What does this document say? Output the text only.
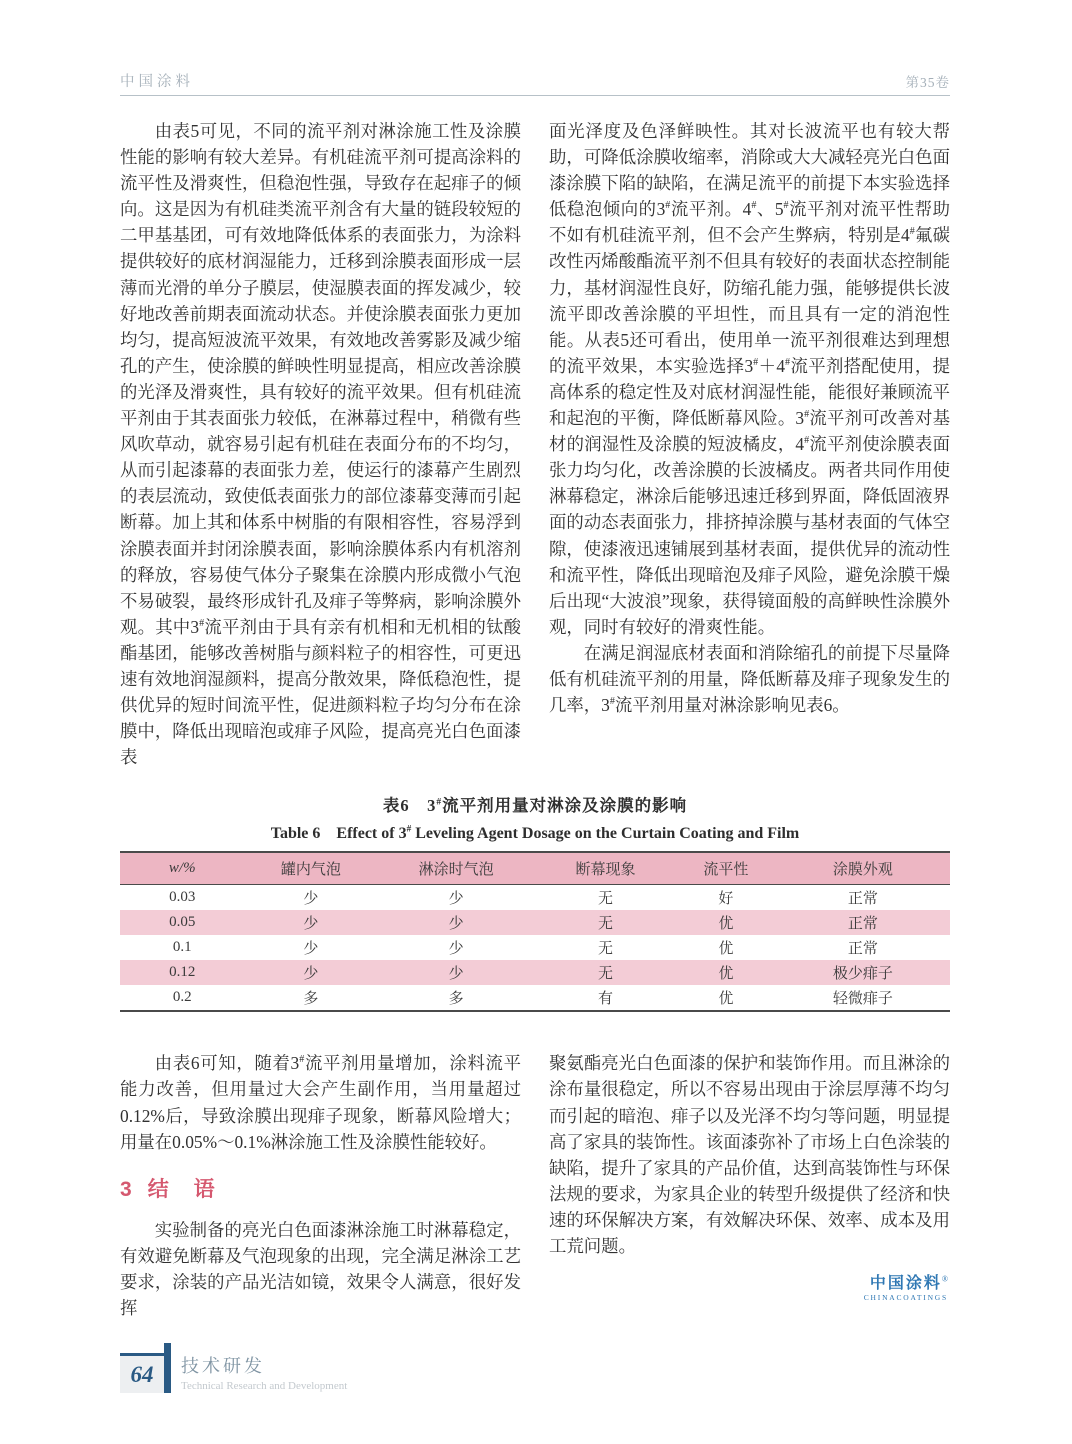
中国涂料	第35卷

由表5可见，不同的流平剂对淋涂施工性及涂膜性能的影响有较大差异。有机硅流平剂可提高涂料的流平性及滑爽性，但稳泡性强，导致存在起痱子的倾向。这是因为有机硅类流平剂含有大量的链段较短的二甲基基团，可有效地降低体系的表面张力，为涂料提供较好的底材润湿能力，迁移到涂膜表面形成一层薄而光滑的单分子膜层，使湿膜表面的挥发减少，较好地改善前期表面流动状态。并使涂膜表面张力更加均匀，提高短波流平效果，有效地改善雾影及减少缩孔的产生，使涂膜的鲜映性明显提高，相应改善涂膜的光泽及滑爽性，具有较好的流平效果。但有机硅流平剂由于其表面张力较低，在淋幕过程中，稍微有些风吹草动，就容易引起有机硅在表面分布的不均匀，从而引起漆幕的表面张力差，使运行的漆幕产生剧烈的表层流动，致使低表面张力的部位漆幕变薄而引起断幕。加上其和体系中树脂的有限相容性，容易浮到涂膜表面并封闭涂膜表面，影响涂膜体系内有机溶剂的释放，容易使气体分子聚集在涂膜内形成微小气泡不易破裂，最终形成针孔及痱子等弊病，影响涂膜外观。其中3#流平剂由于具有亲有机相和无机相的钛酸酯基团，能够改善树脂与颜料粒子的相容性，可更迅速有效地润湿颜料，提高分散效果，降低稳泡性，提供优异的短时间流平性，促进颜料粒子均匀分布在涂膜中，降低出现暗泡或痱子风险，提高亮光白色面漆表

面光泽度及色泽鲜映性。其对长波流平也有较大帮助，可降低涂膜收缩率，消除或大大减轻亮光白色面漆涂膜下陷的缺陷，在满足流平的前提下本实验选择低稳泡倾向的3#流平剂。4#、5#流平剂对流平性帮助不如有机硅流平剂，但不会产生弊病，特别是4#氟碳改性丙烯酸酯流平剂不但具有较好的表面状态控制能力，基材润湿性良好，防缩孔能力强，能够提供长波流平即改善涂膜的平坦性，而且具有一定的消泡性能。从表5还可看出，使用单一流平剂很难达到理想的流平效果，本实验选择3#＋4#流平剂搭配使用，提高体系的稳定性及对底材润湿性能，能很好兼顾流平和起泡的平衡，降低断幕风险。3#流平剂可改善对基材的润湿性及涂膜的短波橘皮，4#流平剂使涂膜表面张力均匀化，改善涂膜的长波橘皮。两者共同作用使淋幕稳定，淋涂后能够迅速迁移到界面，降低固液界面的动态表面张力，排挤掉涂膜与基材表面的气体空隙，使漆液迅速铺展到基材表面，提供优异的流动性和流平性，降低出现暗泡及痱子风险，避免涂膜干燥后出现“大波浪”现象，获得镜面般的高鲜映性涂膜外观，同时有较好的滑爽性能。

在满足润湿底材表面和消除缩孔的前提下尽量降低有机硅流平剂的用量，降低断幕及痱子现象发生的几率，3#流平剂用量对淋涂影响见表6。

表6　3#流平剂用量对淋涂及涂膜的影响

Table 6　Effect of 3# Leveling Agent Dosage on the Curtain Coating and Film

w/%	罐内气泡	淋涂时气泡	断幕现象	流平性	涂膜外观
0.03	少	少	无	好	正常
0.05	少	少	无	优	正常
0.1	少	少	无	优	正常
0.12	少	少	无	优	极少痱子
0.2	多	多	有	优	轻微痱子

由表6可知，随着3#流平剂用量增加，涂料流平能力改善，但用量过大会产生副作用，当用量超过0.12%后，导致涂膜出现痱子现象，断幕风险增大；用量在0.05%～0.1%淋涂施工性及涂膜性能较好。

3 结　语

实验制备的亮光白色面漆淋涂施工时淋幕稳定，有效避免断幕及气泡现象的出现，完全满足淋涂工艺要求，涂装的产品光洁如镜，效果令人满意，很好发挥

聚氨酯亮光白色面漆的保护和装饰作用。而且淋涂的涂布量很稳定，所以不容易出现由于涂层厚薄不均匀而引起的暗泡、痱子以及光泽不均匀等问题，明显提高了家具的装饰性。该面漆弥补了市场上白色涂装的缺陷，提升了家具的产品价值，达到高装饰性与环保法规的要求，为家具企业的转型升级提供了经济和快速的环保解决方案，有效解决环保、效率、成本及用工荒问题。

中国涂料®
CHINACOATINGS
64 技术研发
Technical Research and Development
